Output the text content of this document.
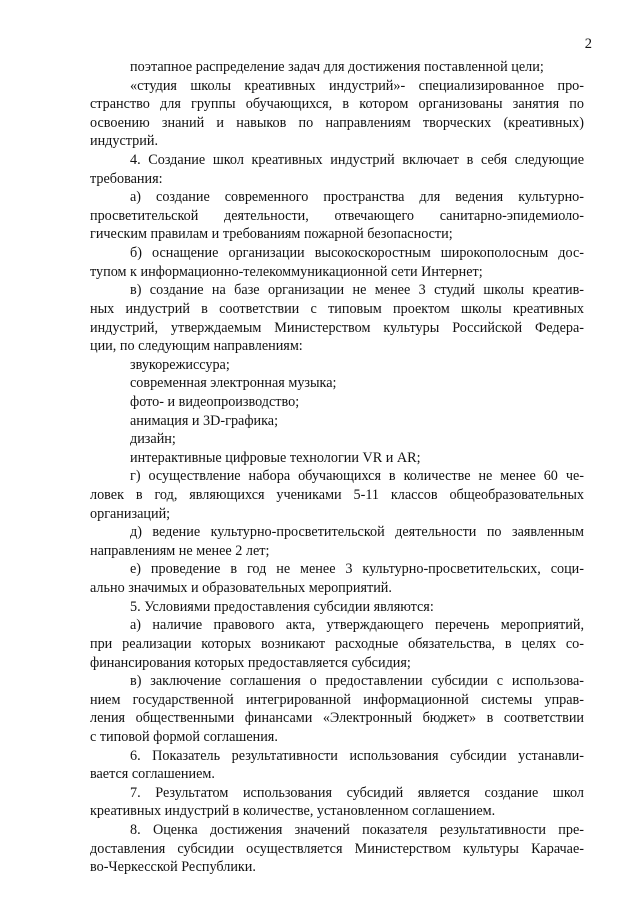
2
поэтапное распределение задач для достижения поставленной цели;
«студия школы креативных индустрий»- специализированное про-
странство для группы обучающихся, в котором организованы занятия по
освоению знаний и навыков по направлениям творческих (креативных)
индустрий.
4. Создание школ креативных индустрий включает в себя следующие
требования:
а) создание современного пространства для ведения культурно-
просветительской деятельности, отвечающего санитарно-эпидемиоло-
гическим правилам и требованиям пожарной безопасности;
б) оснащение организации высокоскоростным широкополосным дос-
тупом к информационно-телекоммуникационной сети Интернет;
в) создание на базе организации не менее 3 студий школы креатив-
ных индустрий в соответствии с типовым проектом школы креативных
индустрий, утверждаемым Министерством культуры Российской Федера-
ции, по следующим направлениям:
звукорежиссура;
современная электронная музыка;
фото- и видеопроизводство;
анимация и 3D-графика;
дизайн;
интерактивные цифровые технологии VR и AR;
г) осуществление набора обучающихся в количестве не менее 60 че-
ловек в год, являющихся учениками 5-11 классов общеобразовательных
организаций;
д) ведение культурно-просветительской деятельности по заявленным
направлениям не менее 2 лет;
е) проведение в год не менее 3 культурно-просветительских, соци-
ально значимых и образовательных мероприятий.
5. Условиями предоставления субсидии являются:
а) наличие правового акта, утверждающего перечень мероприятий,
при реализации которых возникают расходные обязательства, в целях со-
финансирования которых предоставляется субсидия;
в) заключение соглашения о предоставлении субсидии с использова-
нием государственной интегрированной информационной системы управ-
ления общественными финансами «Электронный бюджет» в соответствии
с типовой формой соглашения.
6. Показатель результативности использования субсидии устанавли-
вается соглашением.
7. Результатом использования субсидий является создание школ
креативных индустрий в количестве, установленном соглашением.
8. Оценка достижения значений показателя результативности пре-
доставления субсидии осуществляется Министерством культуры Карачае-
во-Черкесской Республики.
